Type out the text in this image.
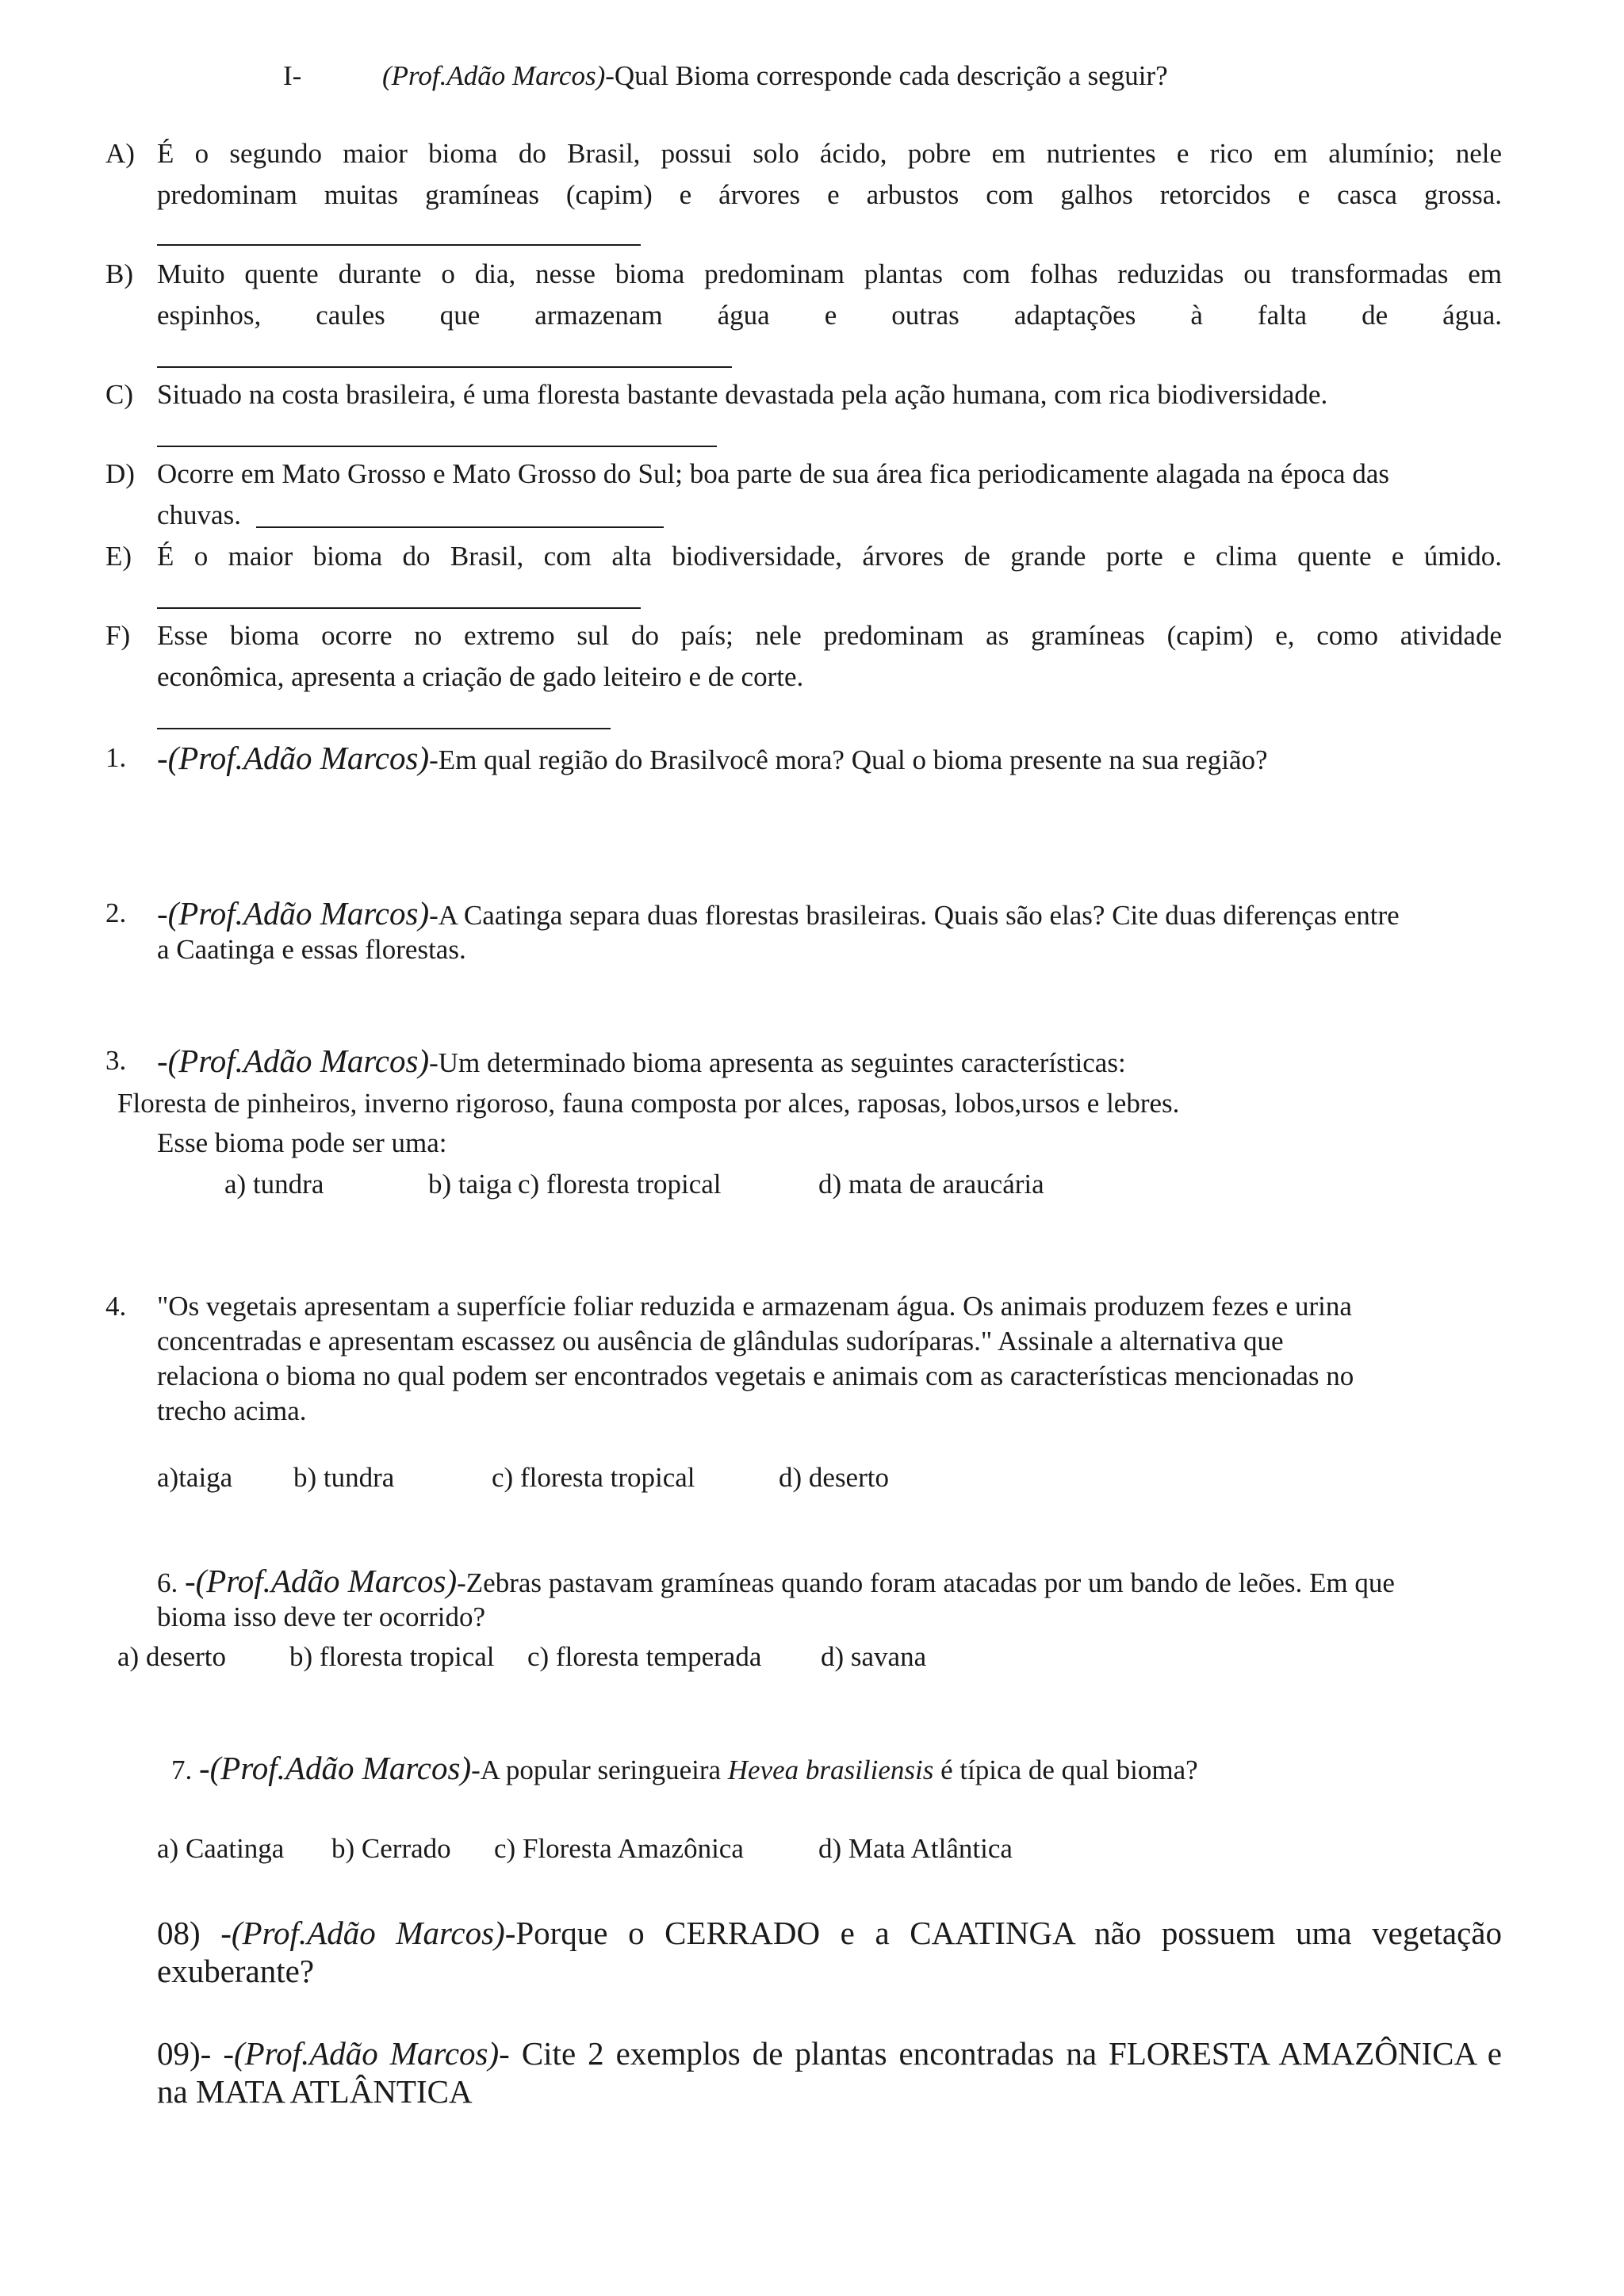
I-	(Prof.Adão Marcos)-Qual Bioma corresponde cada descrição a seguir?
A) É o segundo maior bioma do Brasil, possui solo ácido, pobre em nutrientes e rico em alumínio; nele
predominam muitas gramíneas (capim) e árvores e arbustos com galhos retorcidos e casca grossa.
B) Muito quente durante o dia, nesse bioma predominam plantas com folhas reduzidas ou transformadas em
espinhos, caules que armazenam água e outras adaptações à falta de água.
C) Situado na costa brasileira, é uma floresta bastante devastada pela ação humana, com rica biodiversidade.
D) Ocorre em Mato Grosso e Mato Grosso do Sul; boa parte de sua área fica periodicamente alagada na época das
chuvas.
E) É o maior bioma do Brasil, com alta biodiversidade, árvores de grande porte e clima quente e úmido.
F) Esse bioma ocorre no extremo sul do país; nele predominam as gramíneas (capim) e, como atividade
econômica, apresenta a criação de gado leiteiro e de corte.
1. -(Prof.Adão Marcos)-Em qual região do Brasilvocê mora? Qual o bioma presente na sua região?
2. -(Prof.Adão Marcos)-A Caatinga separa duas florestas brasileiras. Quais são elas? Cite duas diferenças entre
a Caatinga e essas florestas.
3. -(Prof.Adão Marcos)-Um determinado bioma apresenta as seguintes características:
Floresta de pinheiros, inverno rigoroso, fauna composta por alces, raposas, lobos,ursos e lebres.
Esse bioma pode ser uma:
a) tundra	b) taiga c) floresta tropical	d) mata de araucária
4. "Os vegetais apresentam a superfície foliar reduzida e armazenam água. Os animais produzem fezes e urina
concentradas e apresentam escassez ou ausência de glândulas sudoríparas." Assinale a alternativa que
relaciona o bioma no qual podem ser encontrados vegetais e animais com as características mencionadas no
trecho acima.
a)taiga b) tundra	c) floresta tropical	d) deserto
6. -(Prof.Adão Marcos)-Zebras pastavam gramíneas quando foram atacadas por um bando de leões. Em que
bioma isso deve ter ocorrido?
a) deserto b) floresta tropical c) floresta temperada d) savana
7. -(Prof.Adão Marcos)-A popular seringueira Hevea brasiliensis é típica de qual bioma?
a) Caatinga b) Cerrado c) Floresta Amazônica	d) Mata Atlântica
08) -(Prof.Adão Marcos)-Porque o CERRADO e a CAATINGA não possuem uma vegetação
exuberante?
09)- -(Prof.Adão Marcos)- Cite 2 exemplos de plantas encontradas na FLORESTA AMAZÔNICA e
na MATA ATLÂNTICA
